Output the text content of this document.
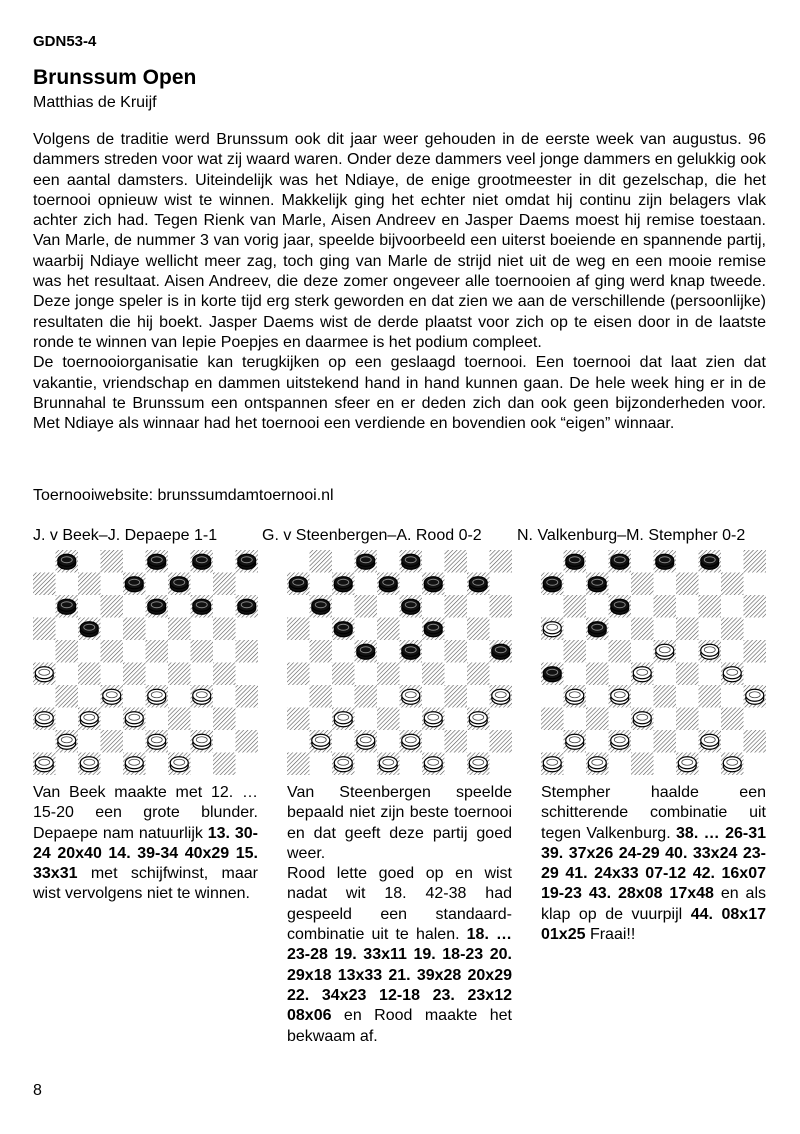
GDN53-4
Brunssum Open
Matthias de Kruijf

Volgens de traditie werd Brunssum ook dit jaar weer gehouden in de eerste week van augustus. 96 dammers streden voor wat zij waard waren. Onder deze dammers veel jonge dammers en gelukkig ook een aantal damsters. Uiteindelijk was het Ndiaye, de enige grootmeester in dit gezelschap, die het toernooi opnieuw wist te winnen. Makkelijk ging het echter niet omdat hij continu zijn belagers vlak achter zich had. Tegen Rienk van Marle, Aisen Andreev en Jasper Daems moest hij remise toestaan. Van Marle, de nummer 3 van vorig jaar, speelde bijvoorbeeld een uiterst boeiende en spannende partij, waarbij Ndiaye wellicht meer zag, toch ging van Marle de strijd niet uit de weg en een mooie remise was het resultaat. Aisen Andreev, die deze zomer ongeveer alle toernooien af ging werd knap tweede. Deze jonge speler is in korte tijd erg sterk geworden en dat zien we aan de verschillende (persoonlijke) resultaten die hij boekt. Jasper Daems wist de derde plaatst voor zich op te eisen door in de laatste ronde te winnen van Iepie Poepjes en daarmee is het podium compleet.
De toernooiorganisatie kan terugkijken op een geslaagd toernooi. Een toernooi dat laat zien dat vakantie, vriendschap en dammen uitstekend hand in hand kunnen gaan. De hele week hing er in de Brunnahal te Brunssum een ontspannen sfeer en er deden zich dan ook geen bijzonderheden voor. Met Ndiaye als winnaar had het toernooi een verdiende en bovendien ook “eigen” winnaar.

Toernooiwebsite: brunssumdamtoernooi.nl

J. v Beek–J. Depaepe 1-1	G. v Steenbergen–A. Rood 0-2 N. Valkenburg–M. Stempher 0-2

Van Beek maakte met 12. … 15-20 een grote blunder. Depaepe nam natuurlijk 13. 30-24 20x40 14. 39-34 40x29 15. 33x31 met schijfwinst, maar wist vervolgens niet te winnen.

Van Steenbergen speelde bepaald niet zijn beste toernooi en dat geeft deze partij goed weer.
Rood lette goed op en wist nadat wit 18. 42-38 had gespeeld een standaard-combinatie uit te halen. 18. … 23-28 19. 33x11 19. 18-23 20. 29x18 13x33 21. 39x28 20x29 22. 34x23 12-18 23. 23x12 08x06 en Rood maakte het bekwaam af.

Stempher haalde een schitterende combinatie uit tegen Valkenburg. 38. … 26-31 39. 37x26 24-29 40. 33x24 23-29 41. 24x33 07-12 42. 16x07 19-23 43. 28x08 17x48 en als klap op de vuurpijl 44. 08x17 01x25 Fraai!!

8
